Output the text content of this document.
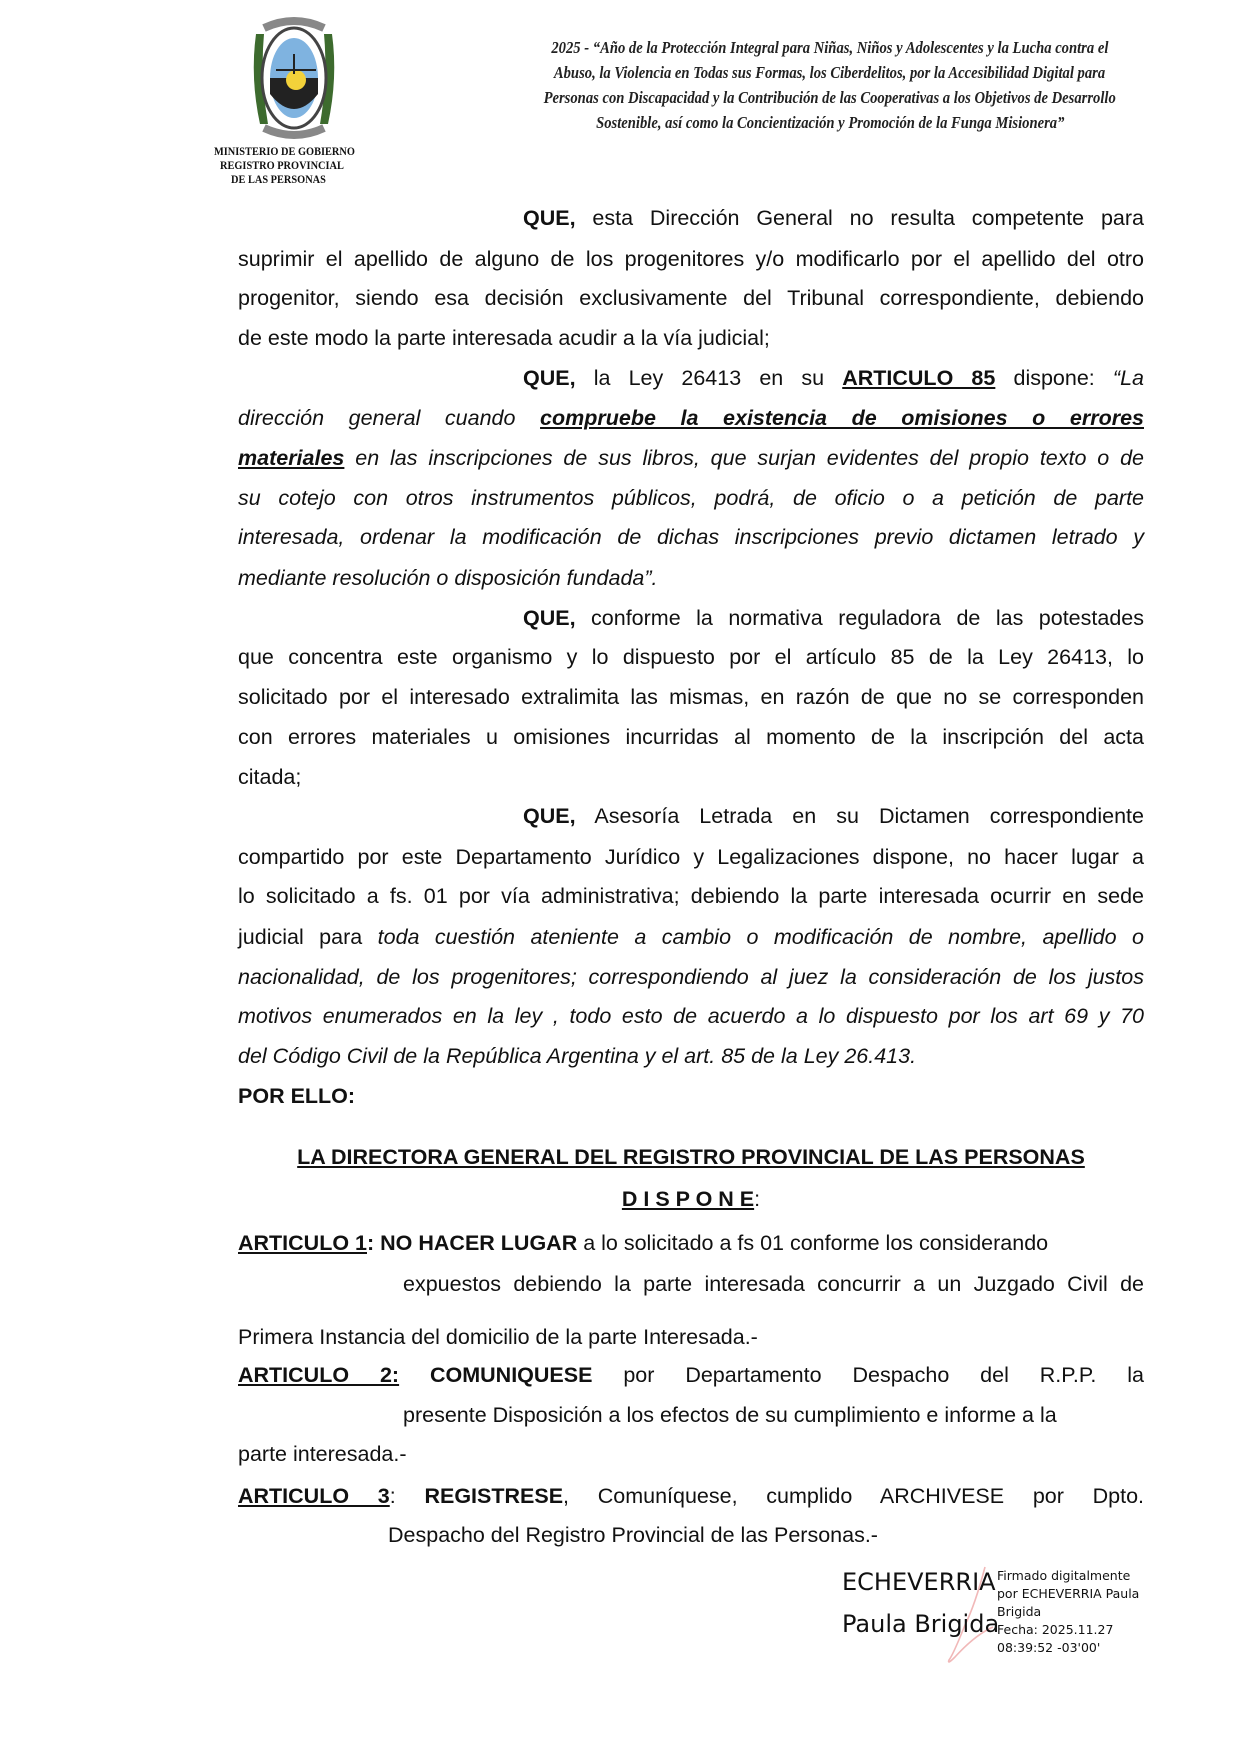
MINISTERIO DE GOBIERNO
REGISTRO PROVINCIAL
DE LAS PERSONAS
2025 - “Año de la Protección Integral para Niñas, Niños y Adolescentes y la Lucha contra el
Abuso, la Violencia en Todas sus Formas, los Ciberdelitos, por la Accesibilidad Digital para
Personas con Discapacidad y la Contribución de las Cooperativas a los Objetivos de Desarrollo
Sostenible, así como la Concientización y Promoción de la Funga Misionera”
QUE, esta Dirección General no resulta competente para
suprimir el apellido de alguno de los progenitores y/o modificarlo por el apellido del otro
progenitor, siendo esa decisión exclusivamente del Tribunal correspondiente, debiendo
de este modo la parte interesada acudir a la vía judicial;
QUE, la Ley 26413 en su ARTICULO 85 dispone: “La
dirección general cuando compruebe la existencia de omisiones o errores
materiales en las inscripciones de sus libros, que surjan evidentes del propio texto o de
su cotejo con otros instrumentos públicos, podrá, de oficio o a petición de parte
interesada, ordenar la modificación de dichas inscripciones previo dictamen letrado y
mediante resolución o disposición fundada”.
QUE, conforme la normativa reguladora de las potestades
que concentra este organismo y lo dispuesto por el artículo 85 de la Ley 26413, lo
solicitado por el interesado extralimita las mismas, en razón de que no se corresponden
con errores materiales u omisiones incurridas al momento de la inscripción del acta
citada;
QUE, Asesoría Letrada en su Dictamen correspondiente
compartido por este Departamento Jurídico y Legalizaciones dispone, no hacer lugar a
lo solicitado a fs. 01 por vía administrativa; debiendo la parte interesada ocurrir en sede
judicial para toda cuestión ateniente a cambio o modificación de nombre, apellido o
nacionalidad, de los progenitores; correspondiendo al juez la consideración de los justos
motivos enumerados en la ley , todo esto de acuerdo a lo dispuesto por los art 69 y 70
del Código Civil de la República Argentina y el art. 85 de la Ley 26.413.
POR ELLO:
LA DIRECTORA GENERAL DEL REGISTRO PROVINCIAL DE LAS PERSONAS
D I S P O N E:
ARTICULO 1: NO HACER LUGAR a lo solicitado a fs 01 conforme los considerando
expuestos debiendo la parte interesada concurrir a un Juzgado Civil de
Primera Instancia del domicilio de la parte Interesada.-
ARTICULO 2: COMUNIQUESE por Departamento Despacho del R.P.P. la
presente Disposición a los efectos de su cumplimiento e informe a la
parte interesada.-
ARTICULO 3: REGISTRESE, Comuníquese, cumplido ARCHIVESE por Dpto.
Despacho del Registro Provincial de las Personas.-
ECHEVERRIA
Paula Brigida
Firmado digitalmente
por ECHEVERRIA Paula
Brigida
Fecha: 2025.11.27
08:39:52 -03'00'
